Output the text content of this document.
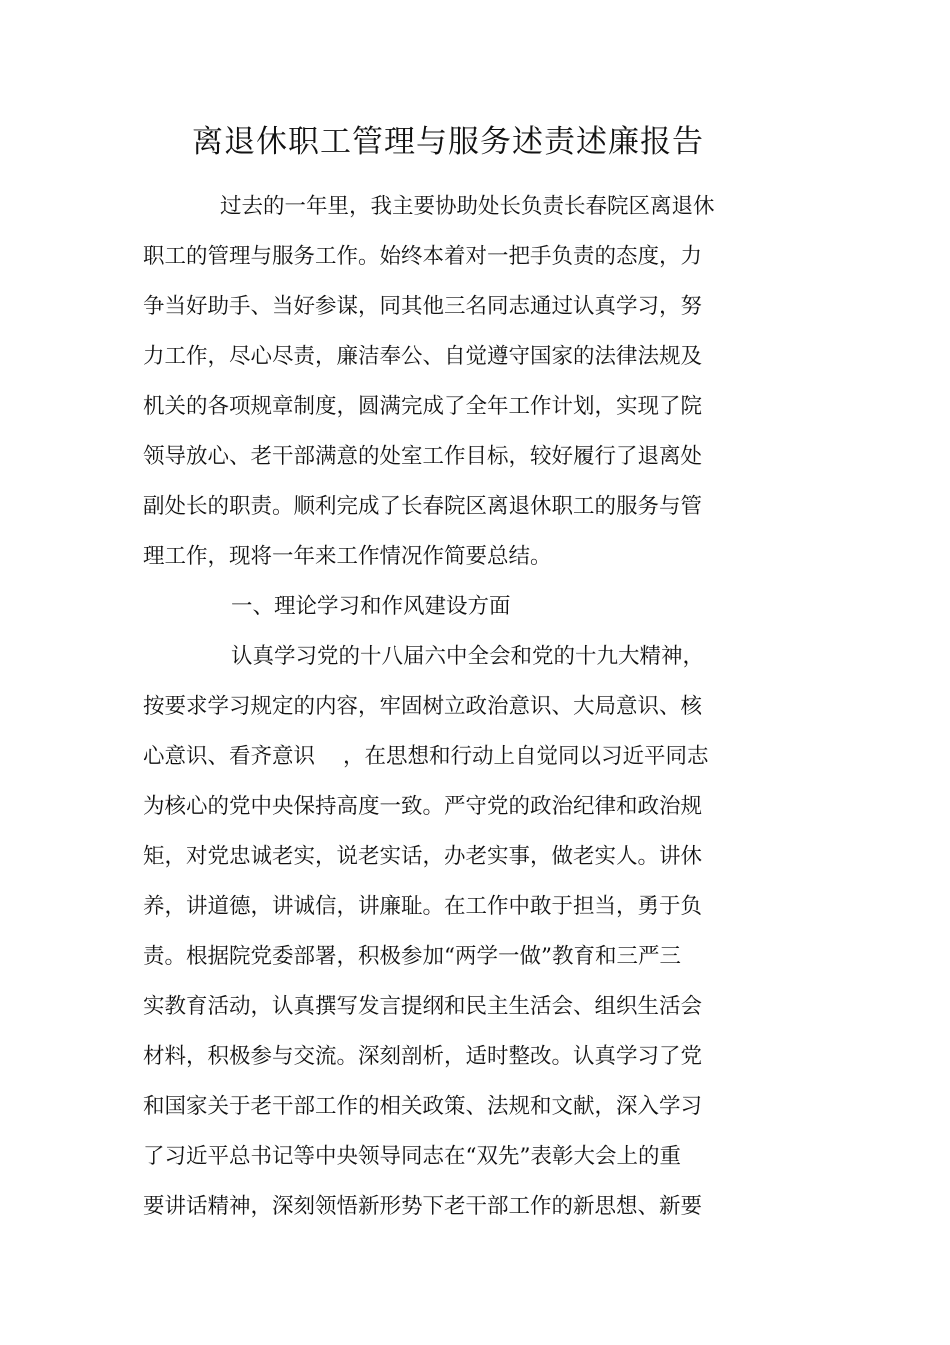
离退休职工管理与服务述责述廉报告
过去的一年里，我主要协助处长负责长春院区离退休
职工的管理与服务工作。始终本着对一把手负责的态度，力
争当好助手、当好参谋，同其他三名同志通过认真学习，努
力工作，尽心尽责，廉洁奉公、自觉遵守国家的法律法规及
机关的各项规章制度，圆满完成了全年工作计划，实现了院
领导放心、老干部满意的处室工作目标，较好履行了退离处
副处长的职责。顺利完成了长春院区离退休职工的服务与管
理工作，现将一年来工作情况作简要总结。
一、理论学习和作风建设方面
认真学习党的十八届六中全会和党的十九大精神，
按要求学习规定的内容，牢固树立政治意识、大局意识、核
心意识、看齐意识 ，在思想和行动上自觉同以习近平同志
为核心的党中央保持高度一致。严守党的政治纪律和政治规
矩，对党忠诚老实，说老实话，办老实事，做老实人。讲休
养，讲道德，讲诚信，讲廉耻。在工作中敢于担当，勇于负
责。根据院党委部署，积极参加“两学一做”教育和三严三
实教育活动，认真撰写发言提纲和民主生活会、组织生活会
材料，积极参与交流。深刻剖析，适时整改。认真学习了党
和国家关于老干部工作的相关政策、法规和文献，深入学习
了习近平总书记等中央领导同志在“双先”表彰大会上的重
要讲话精神，深刻领悟新形势下老干部工作的新思想、新要
